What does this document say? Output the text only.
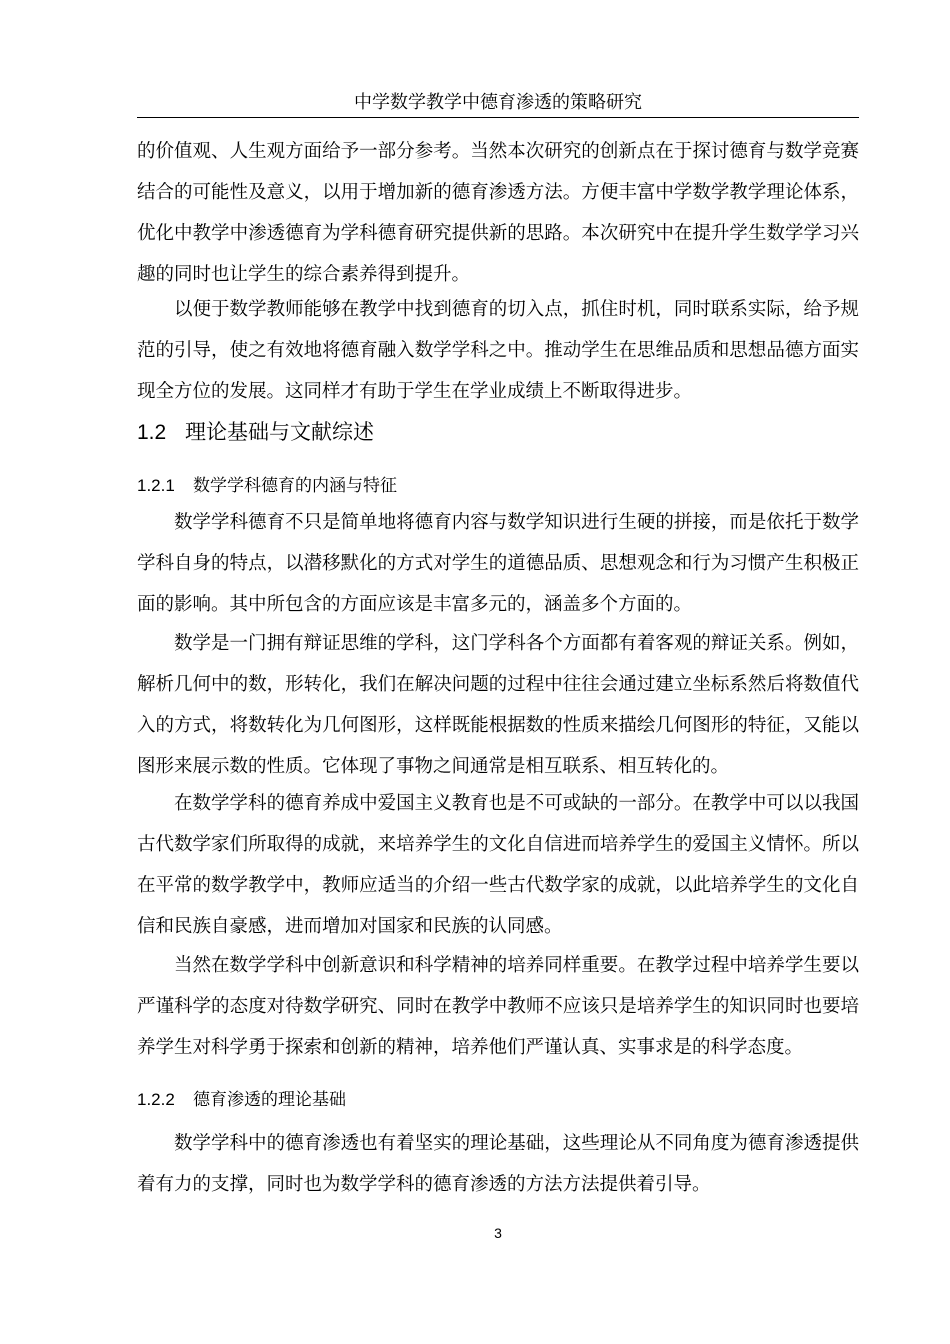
中学数学教学中德育渗透的策略研究

的价值观、人生观方面给予一部分参考。当然本次研究的创新点在于探讨德育与数学竞赛结合的可能性及意义，以用于增加新的德育渗透方法。方便丰富中学数学教学理论体系，优化中教学中渗透德育为学科德育研究提供新的思路。本次研究中在提升学生数学学习兴趣的同时也让学生的综合素养得到提升。

以便于数学教师能够在教学中找到德育的切入点，抓住时机，同时联系实际，给予规范的引导，使之有效地将德育融入数学学科之中。推动学生在思维品质和思想品德方面实现全方位的发展。这同样才有助于学生在学业成绩上不断取得进步。

1.2 理论基础与文献综述
1.2.1 数学学科德育的内涵与特征

数学学科德育不只是简单地将德育内容与数学知识进行生硬的拼接，而是依托于数学学科自身的特点，以潜移默化的方式对学生的道德品质、思想观念和行为习惯产生积极正面的影响。其中所包含的方面应该是丰富多元的，涵盖多个方面的。

数学是一门拥有辩证思维的学科，这门学科各个方面都有着客观的辩证关系。例如，解析几何中的数，形转化，我们在解决问题的过程中往往会通过建立坐标系然后将数值代入的方式，将数转化为几何图形，这样既能根据数的性质来描绘几何图形的特征，又能以图形来展示数的性质。它体现了事物之间通常是相互联系、相互转化的。

在数学学科的德育养成中爱国主义教育也是不可或缺的一部分。在教学中可以以我国古代数学家们所取得的成就，来培养学生的文化自信进而培养学生的爱国主义情怀。所以在平常的数学教学中，教师应适当的介绍一些古代数学家的成就，以此培养学生的文化自信和民族自豪感，进而增加对国家和民族的认同感。

当然在数学学科中创新意识和科学精神的培养同样重要。在教学过程中培养学生要以严谨科学的态度对待数学研究、同时在教学中教师不应该只是培养学生的知识同时也要培养学生对科学勇于探索和创新的精神，培养他们严谨认真、实事求是的科学态度。

1.2.2 德育渗透的理论基础

数学学科中的德育渗透也有着坚实的理论基础，这些理论从不同角度为德育渗透提供着有力的支撑，同时也为数学学科的德育渗透的方法方法提供着引导。

3
